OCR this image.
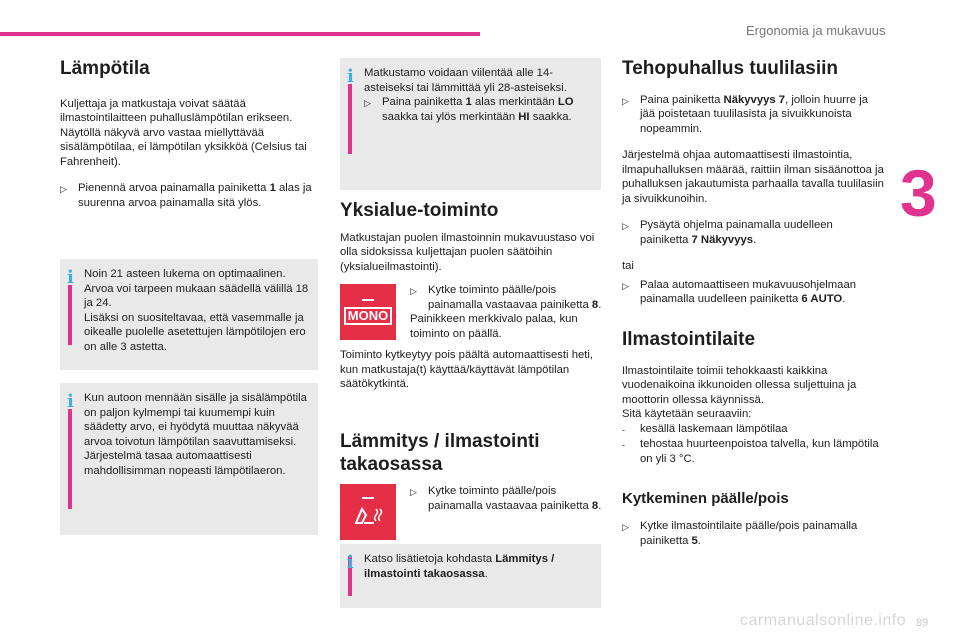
Ergonomia ja mukavuus
3
carmanualsonline.info 89
Lämpötila

Kuljettaja ja matkustaja voivat säätää ilmastointilaitteen puhalluslämpötilan erikseen. Näytöllä näkyvä arvo vastaa miellyttävää sisälämpötilaa, ei lämpötilan yksikköä (Celsius tai Fahrenheit).

▷ Pienennä arvoa painamalla painiketta 1 alas ja suurenna arvoa painamalla sitä ylös.
i Noin 21 asteen lukema on optimaalinen. Arvoa voi tarpeen mukaan säädellä välillä 18 ja 24.
Lisäksi on suositeltavaa, että vasemmalle ja oikealle puolelle asetettujen lämpötilojen ero on alle 3 astetta.

i Kun autoon mennään sisälle ja sisälämpötila on paljon kylmempi tai kuumempi kuin säädetty arvo, ei hyödytä muuttaa näkyvää arvoa toivotun lämpötilan saavuttamiseksi. Järjestelmä tasaa automaattisesti mahdollisimman nopeasti lämpötilaeron.

i Matkustamo voidaan viilentää alle 14-asteiseksi tai lämmittää yli 28-asteiseksi.

▷ Paina painiketta 1 alas merkintään LO saakka tai ylös merkintään HI saakka.
Yksialue-toiminto

Matkustajan puolen ilmastoinnin mukavuustaso voi olla sidoksissa kuljettajan puolen säätöihin (yksialueilmastointi).

MONO
▷ Kytke toiminto päälle/pois painamalla vastaavaa painiketta 8.

Painikkeen merkkivalo palaa, kun toiminto on päällä.

Toiminto kytkeytyy pois päältä automaattisesti heti, kun matkustaja(t) käyttää/käyttävät lämpötilan säätökytkintä.

Lämmitys / ilmastointi
takaosassa
▷ Kytke toiminto päälle/pois painamalla vastaavaa painiketta 8.
i Katso lisätietoja kohdasta Lämmitys / ilmastointi takaosassa.

Tehopuhallus tuulilasiin
▷ Paina painiketta Näkyvyys 7, jolloin huurre ja jää poistetaan tuulilasista ja sivuikkunoista nopeammin.

Järjestelmä ohjaa automaattisesti ilmastointia, ilmapuhalluksen määrää, raittiin ilman sisäänottoa ja puhalluksen jakautumista parhaalla tavalla tuulilasiin ja sivuikkunoihin.

▷ Pysäytä ohjelma painamalla uudelleen painiketta 7 Näkyvyys.

tai

▷ Palaa automaattiseen mukavuusohjelmaan painamalla uudelleen painiketta 6 AUTO.
Ilmastointilaite

Ilmastointilaite toimii tehokkaasti kaikkina vuodenaikoina ikkunoiden ollessa suljettuina ja moottorin ollessa käynnissä.
Sitä käytetään seuraaviin:

-	kesällä laskemaan lämpötilaa
-	tehostaa huurteenpoistoa talvella, kun lämpötila on yli 3 °C.
Kytkeminen päälle/pois
▷ Kytke ilmastointilaite päälle/pois painamalla painiketta 5.
